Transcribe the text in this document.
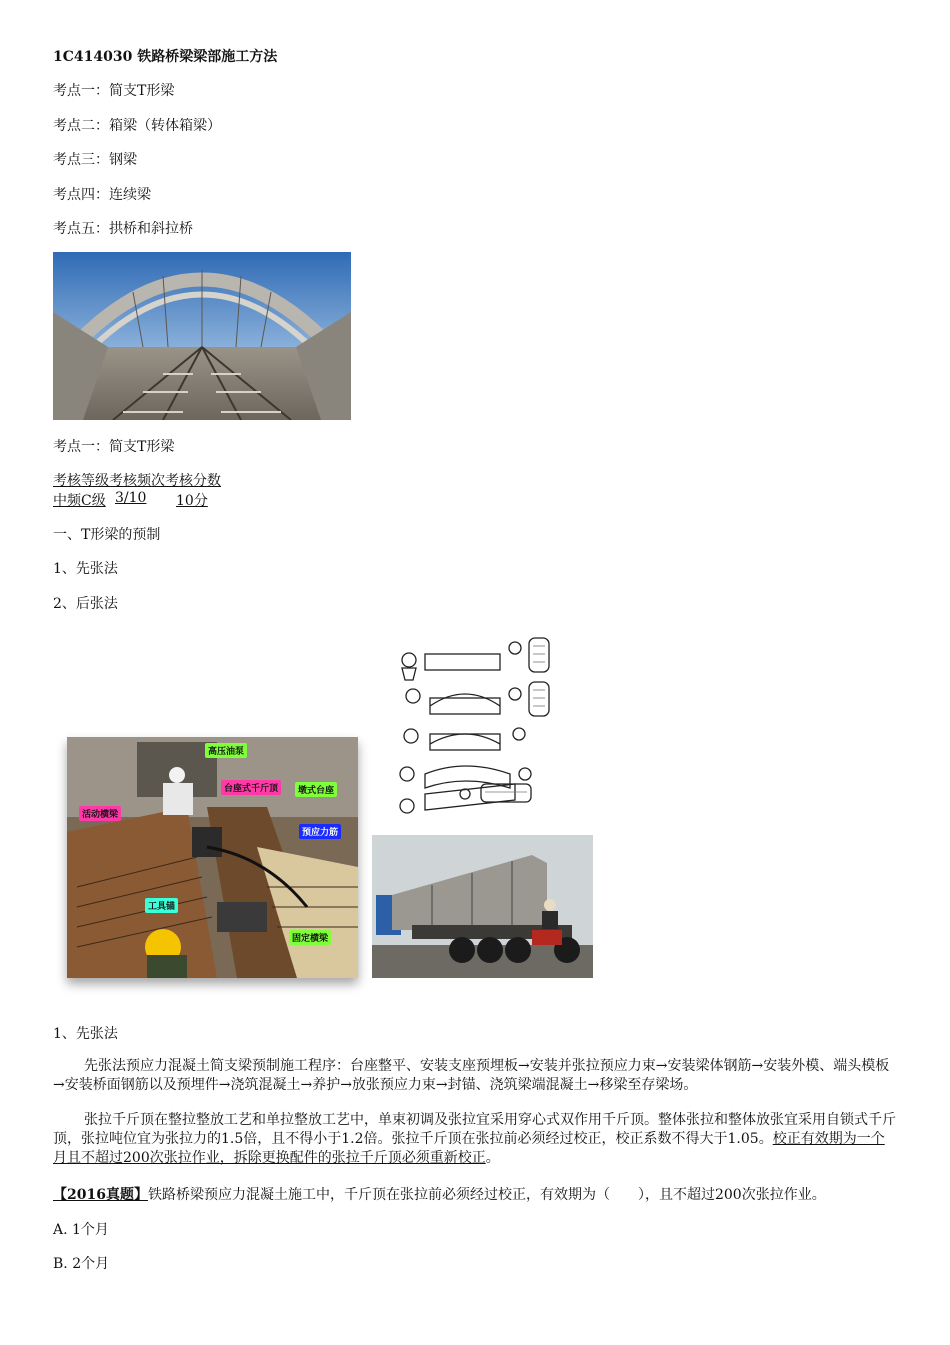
1C414030 铁路桥梁梁部施工方法
考点一：简支T形梁
考点二：箱梁（转体箱梁）
考点三：钢梁
考点四：连续梁
考点五：拱桥和斜拉桥
考点一：简支T形梁
考核等级考核频次考核分数
中频C级 3/10 10分
一、T形梁的预制
1、先张法
2、后张法
高压油泵
台座式千斤顶	墩式台座
活动横梁
预应力筋
工具锚
固定横梁
1、先张法
先张法预应力混凝土简支梁预制施工程序：台座整平、安装支座预埋板→安装并张拉预应力束→安装梁体钢筋→安装外模、端头模板→安装桥面钢筋以及预埋件→浇筑混凝土→养护→放张预应力束→封锚、浇筑梁端混凝土→移梁至存梁场。
张拉千斤顶在整拉整放工艺和单拉整放工艺中，单束初调及张拉宜采用穿心式双作用千斤顶。整体张拉和整体放张宜采用自锁式千斤顶，张拉吨位宜为张拉力的1.5倍，且不得小于1.2倍。张拉千斤顶在张拉前必须经过校正，校正系数不得大于1.05。校正有效期为一个月且不超过200次张拉作业，拆除更换配件的张拉千斤顶必须重新校正。
【2016真题】铁路桥梁预应力混凝土施工中，千斤顶在张拉前必须经过校正，有效期为（　　），且不超过200次张拉作业。
A. 1个月
B. 2个月
